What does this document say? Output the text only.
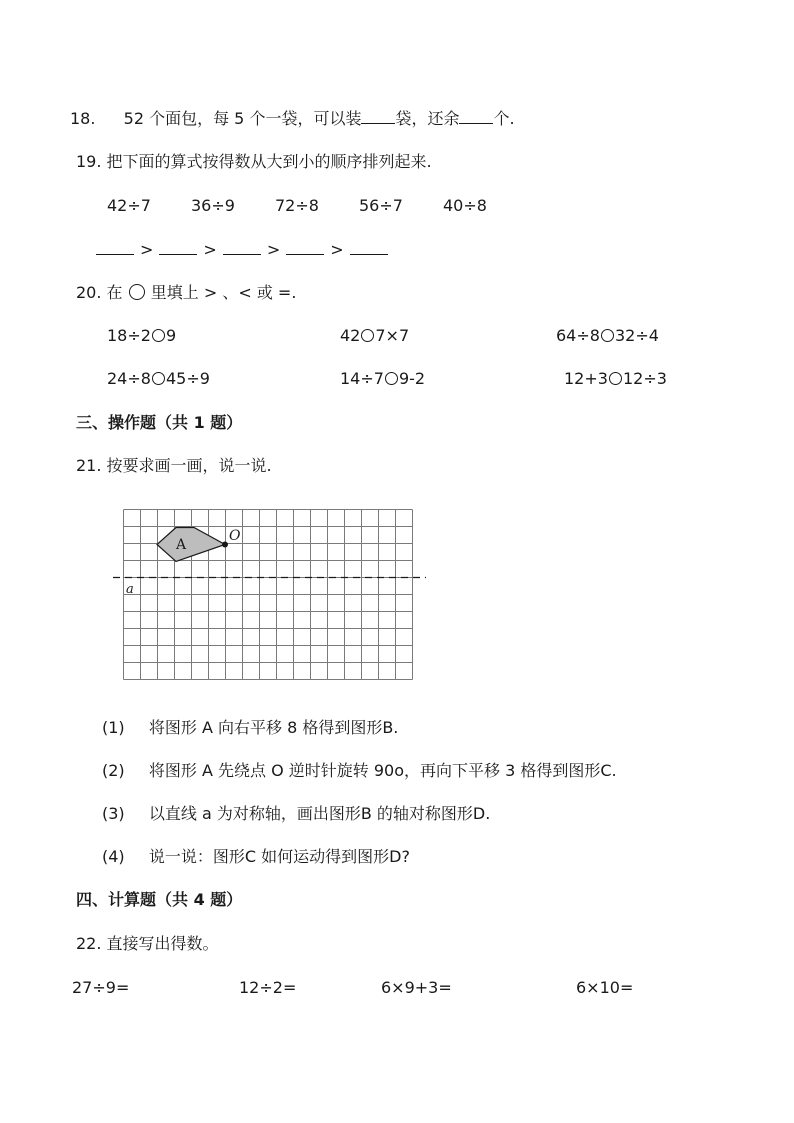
18. 52 个面包，每 5 个一袋，可以装 袋，还余 个.
19. 把下面的算式按得数从大到小的顺序排列起来.
42÷7	36÷9	72÷8	56÷7	40÷8
>	>	>	>
20. 在 里填上 > 、< 或 =.
18÷2 9	42 7×7	64÷8 32÷4
24÷8 45÷9	14÷7 9-2	12+3 12÷3
三、操作题（共 1 题）
21. 按要求画一画，说一说.
a
A
O
(1) 将图形 A 向右平移 8 格得到图形B.
(2) 将图形 A 先绕点 O 逆时针旋转 90o，再向下平移 3 格得到图形C.
(3) 以直线 a 为对称轴，画出图形B 的轴对称图形D.
(4) 说一说：图形C 如何运动得到图形D?
四、计算题（共 4 题）
22. 直接写出得数。
27÷9=	12÷2=	6×9+3=	6×10=
